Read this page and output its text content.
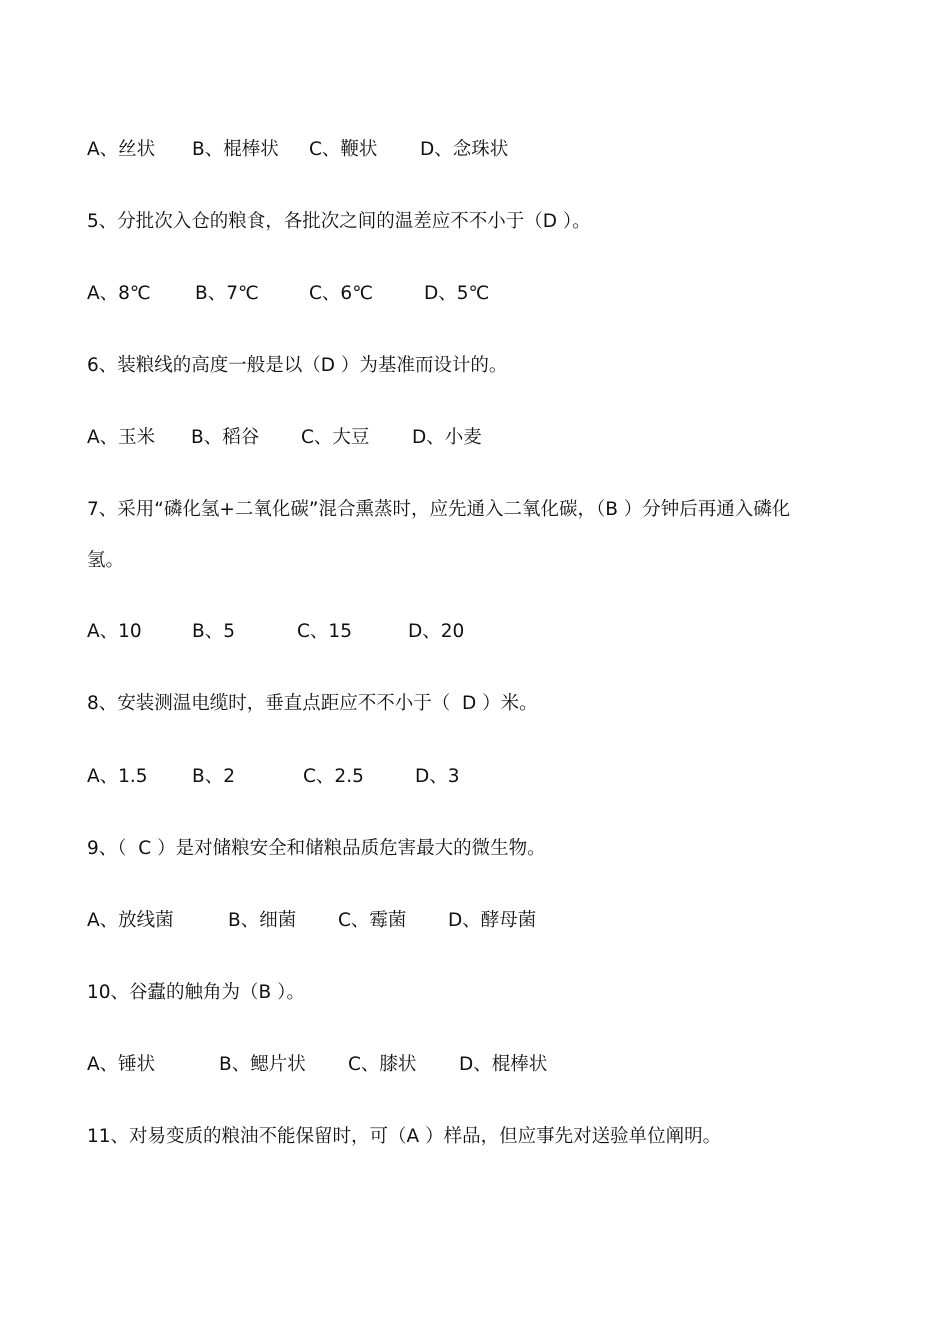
A、丝状

B、棍棒状

C、鞭状

D、念珠状

5、分批次入仓的粮食，各批次之间的温差应不不小于（D ）。

A、8℃

B、7℃

	C、6℃

	D、5℃

6、装粮线的高度一般是以（D ）为基准而设计的。

A、玉米

B、稻谷

C、大豆

D、小麦

7、采用“磷化氢+二氧化碳”混合熏蒸时，应先通入二氧化碳，（B ）分钟后再通入磷化
氢。

A、10

	B、5

	C、15

	D、20

8、安装测温电缆时，垂直点距应不不小于（  D ）米。

A、1.5

B、2

	C、2.5

	D、3

9、（  C ）是对储粮安全和储粮品质危害最大的微生物。

A、放线菌

	B、细菌

C、霉菌

D、酵母菌

10、谷蠹的触角为（B ）。

A、锤状

	B、鳃片状

C、膝状

D、棍棒状

11、对易变质的粮油不能保留时，可（A ）样品，但应事先对送验单位阐明。
